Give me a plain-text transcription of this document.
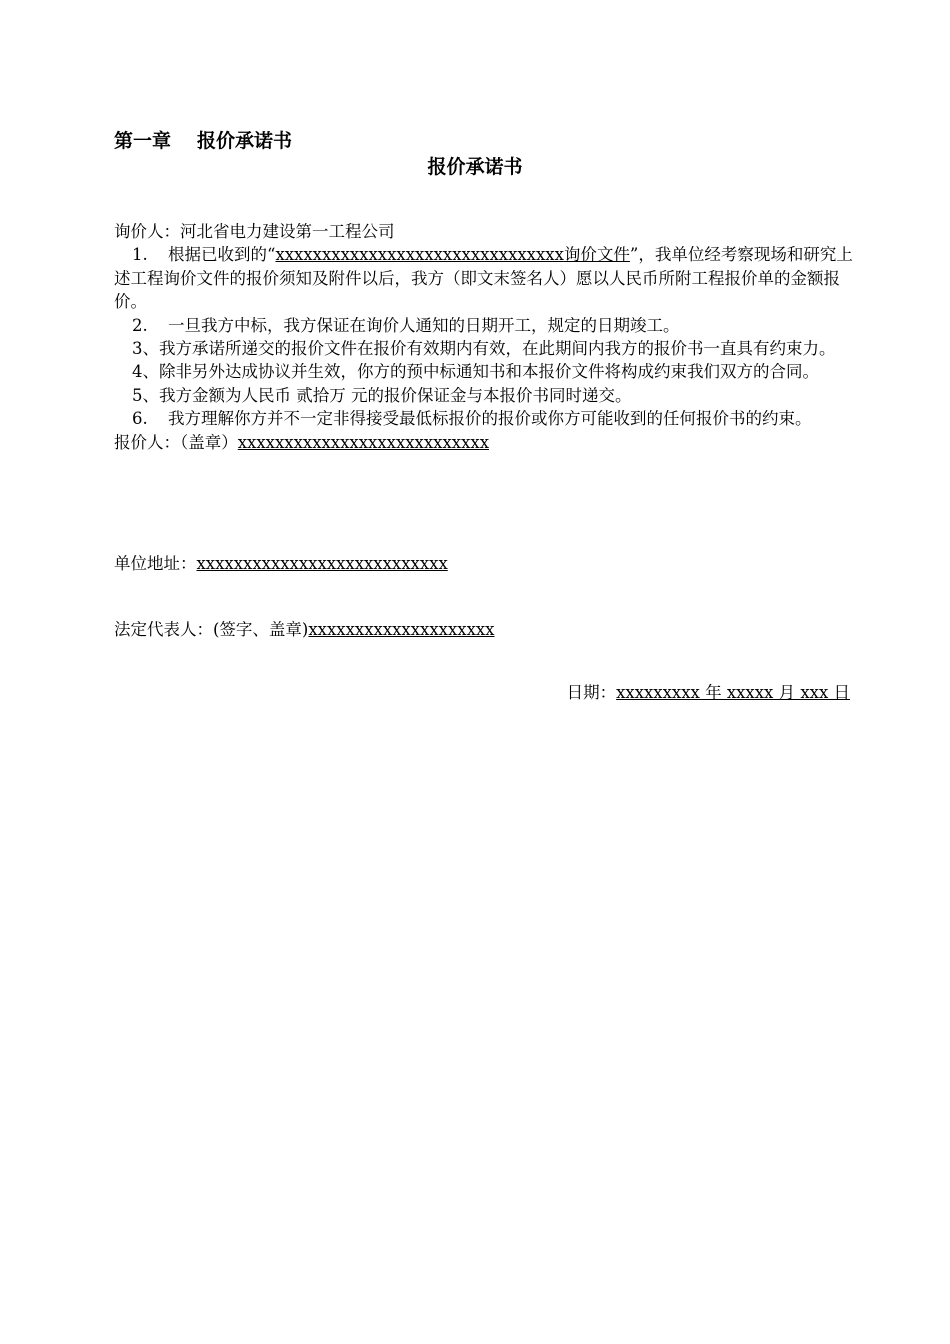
第一章 报价承诺书
报价承诺书

询价人：河北省电力建设第一工程公司

1. 根据已收到的“xxxxxxxxxxxxxxxxxxxxxxxxxxxxxxx询价文件”，我单位经考察现场和研究上述工程询价文件的报价须知及附件以后，我方（即文末签名人）愿以人民币所附工程报价单的金额报价。

2. 一旦我方中标，我方保证在询价人通知的日期开工，规定的日期竣工。

3、我方承诺所递交的报价文件在报价有效期内有效，在此期间内我方的报价书一直具有约束力。

4、除非另外达成协议并生效，你方的预中标通知书和本报价文件将构成约束我们双方的合同。

5、我方金额为人民币 贰拾万 元的报价保证金与本报价书同时递交。

6. 我方理解你方并不一定非得接受最低标报价的报价或你方可能收到的任何报价书的约束。

报价人：（盖章）xxxxxxxxxxxxxxxxxxxxxxxxxxx

单位地址：xxxxxxxxxxxxxxxxxxxxxxxxxxx
法定代表人：(签字、盖章)xxxxxxxxxxxxxxxxxxxx
日期：xxxxxxxxx 年 xxxxx 月 xxx 日
